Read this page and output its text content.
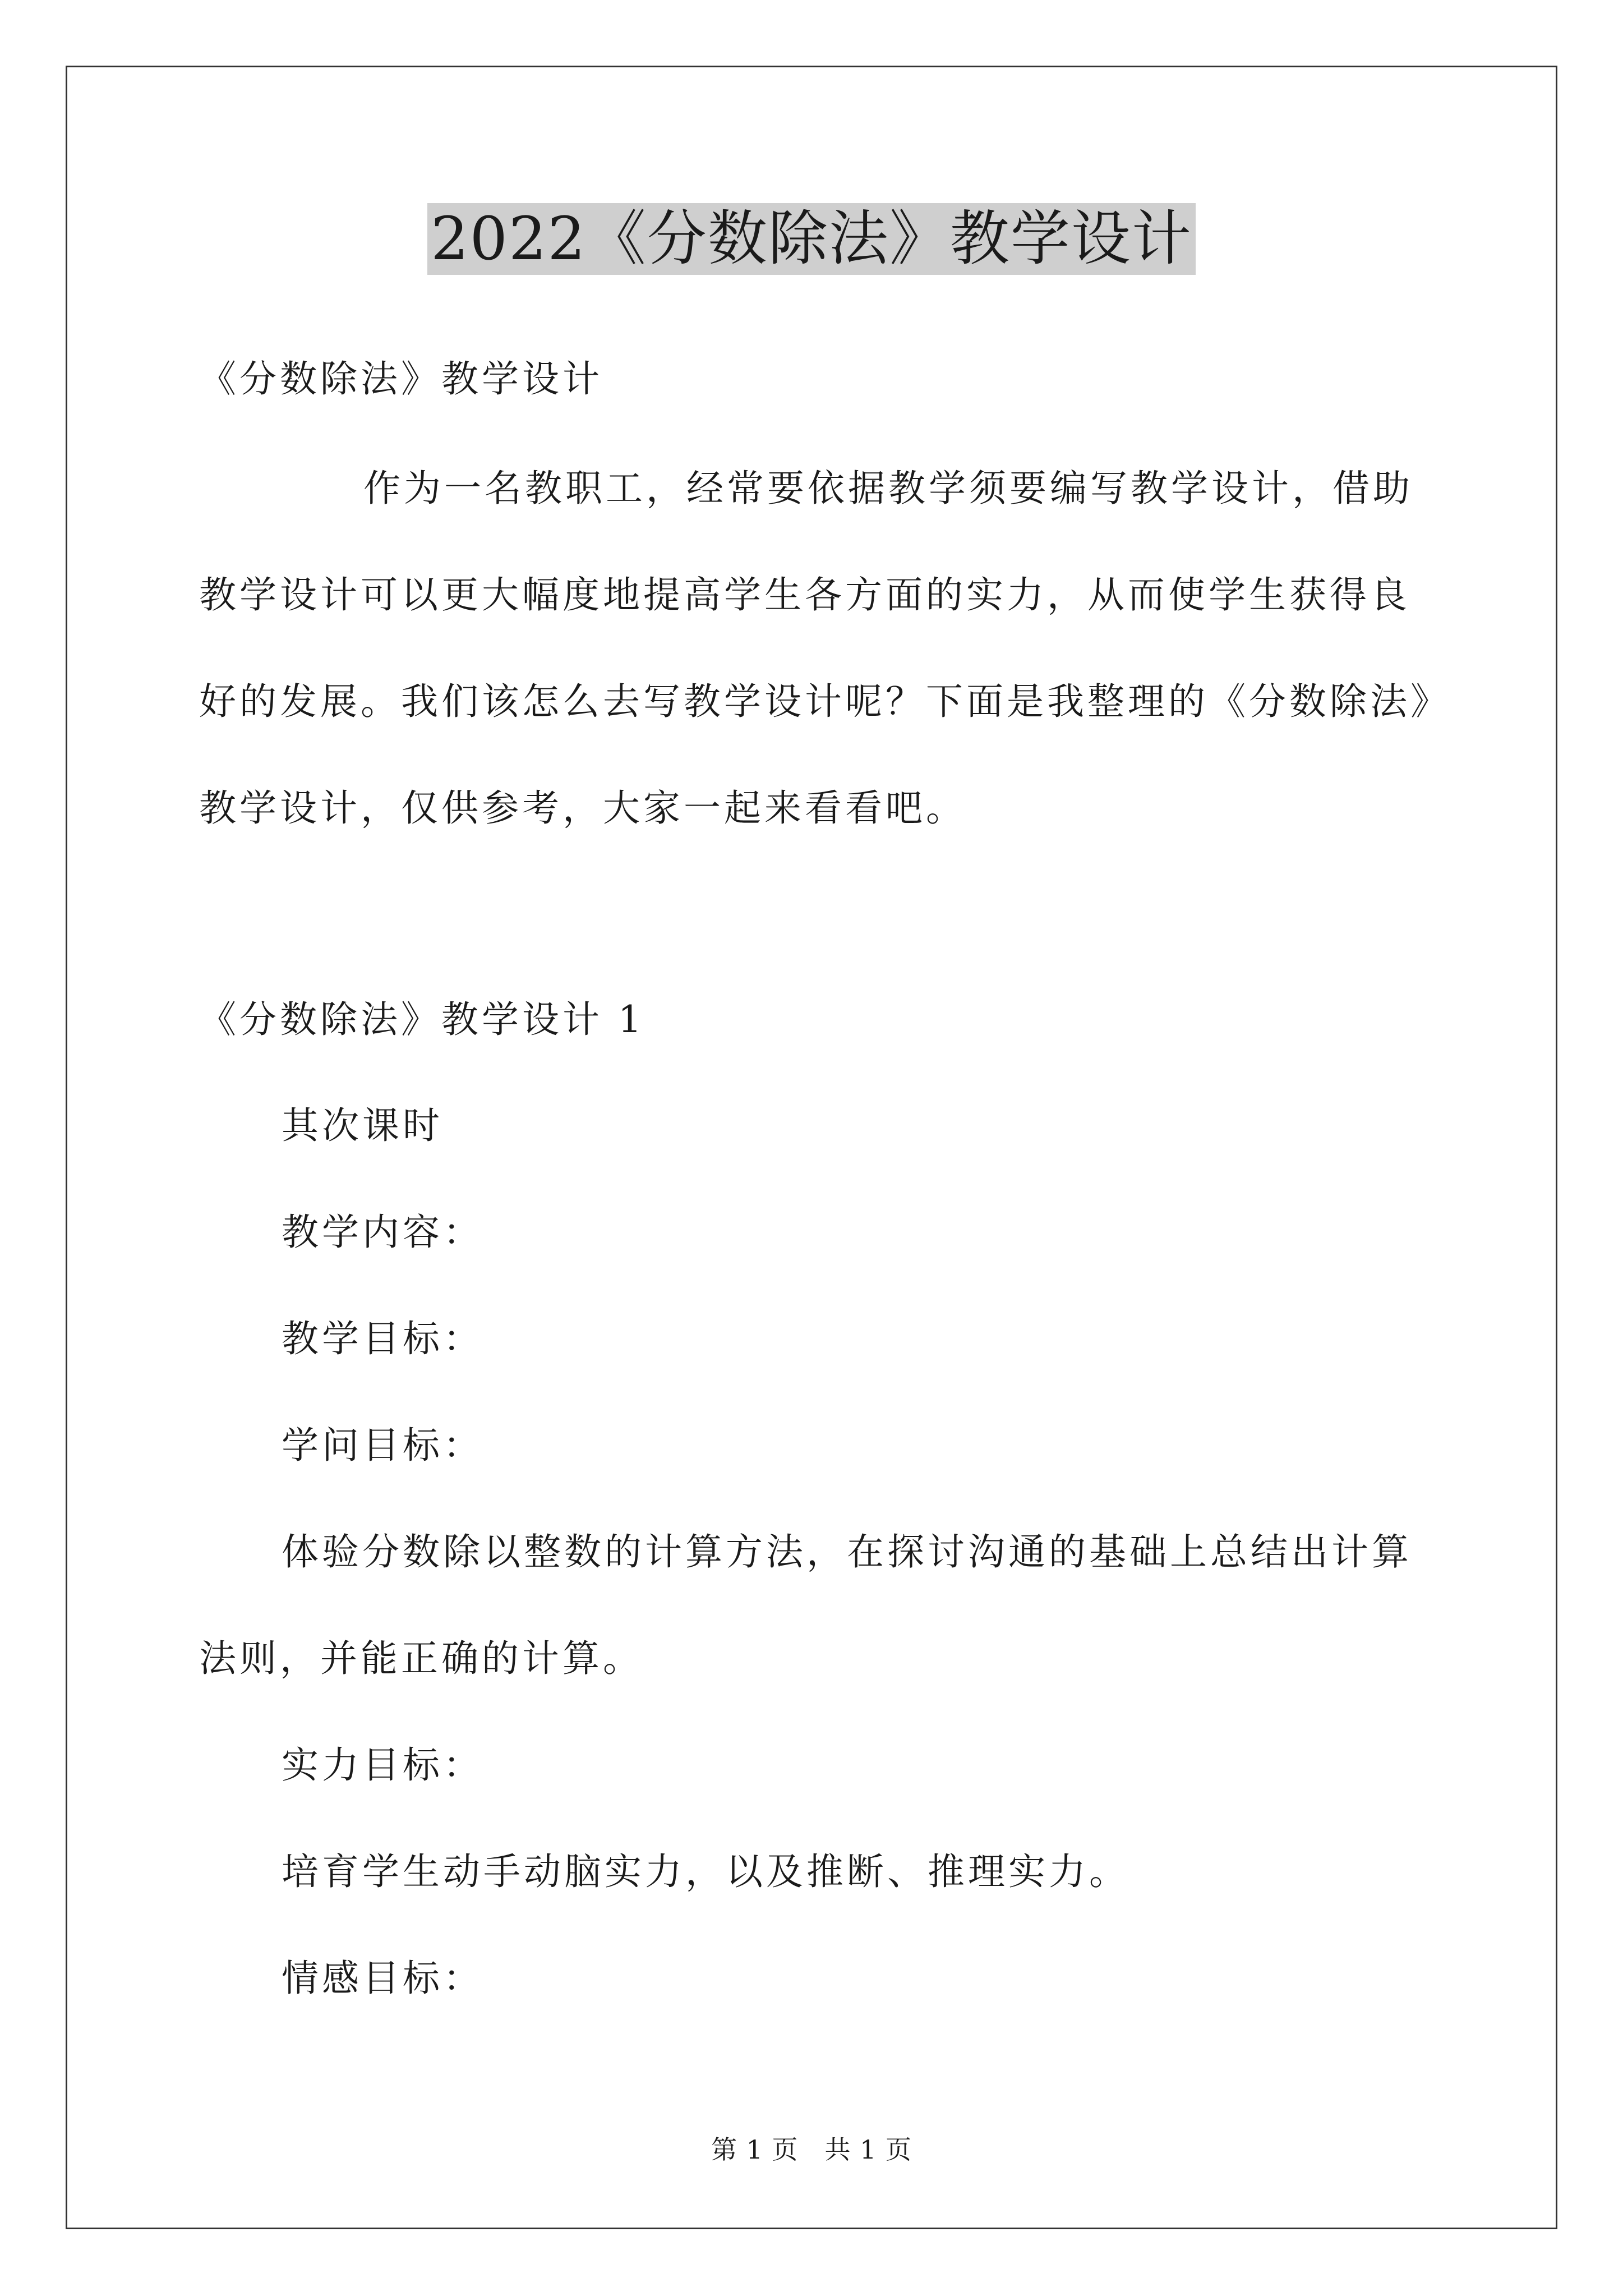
2022《分数除法》教学设计
《分数除法》教学设计
作为一名教职工，经常要依据教学须要编写教学设计，借助
教学设计可以更大幅度地提高学生各方面的实力，从而使学生获得良
好的发展。我们该怎么去写教学设计呢？下面是我整理的《分数除法》
教学设计，仅供参考，大家一起来看看吧。
《分数除法》教学设计 1
其次课时
教学内容：
教学目标：
学问目标：
体验分数除以整数的计算方法，在探讨沟通的基础上总结出计算
法则，并能正确的计算。
实力目标：
培育学生动手动脑实力，以及推断、推理实力。
情感目标：
第 1 页　共 1 页
